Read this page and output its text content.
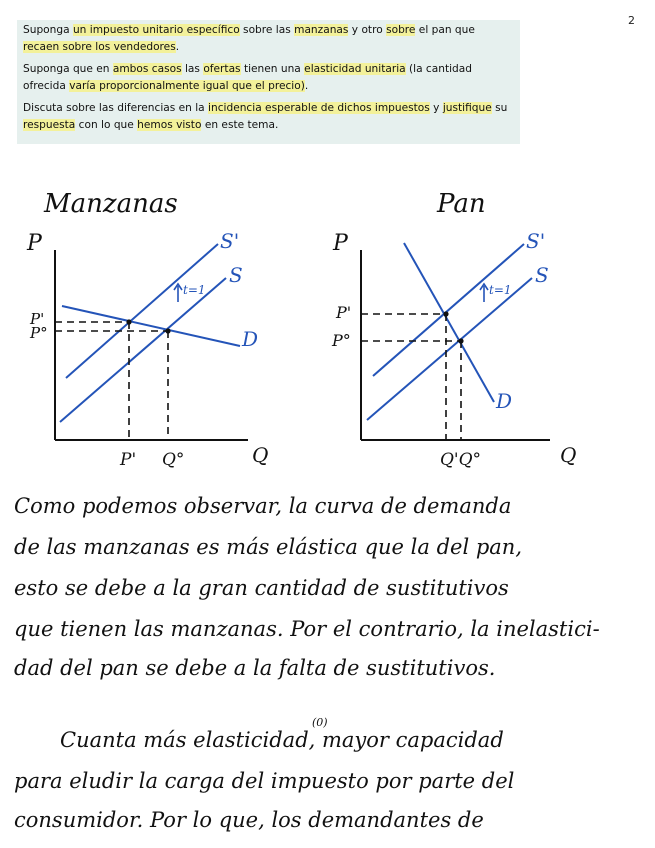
2

Suponga un impuesto unitario específico sobre las manzanas y otro sobre el pan que recaen sobre los vendedores.

Suponga que en ambos casos las ofertas tienen una elasticidad unitaria (la cantidad ofrecida varía proporcionalmente igual que el precio).

Discuta sobre las diferencias en la incidencia esperable de dichos impuestos y justifique su respuesta con lo que hemos visto en este tema.

Manzanas
P
Q
S'
S
D
t=1
P'
P°
P' Q°
Pan
P
Q
S'
S
D
t=1
P'
P°
Q'Q°
Como podemos observar, la curva de demanda
de las manzanas es más elástica que la del pan,
esto se debe a la gran cantidad de sustitutivos
que tienen las manzanas. Por el contrario, la inelastici-
dad del pan se debe a la falta de sustitutivos.
Cuanta más elasticidad, mayor capacidad
(0)
para eludir la carga del impuesto por parte del
consumidor. Por lo que, los demandantes de
